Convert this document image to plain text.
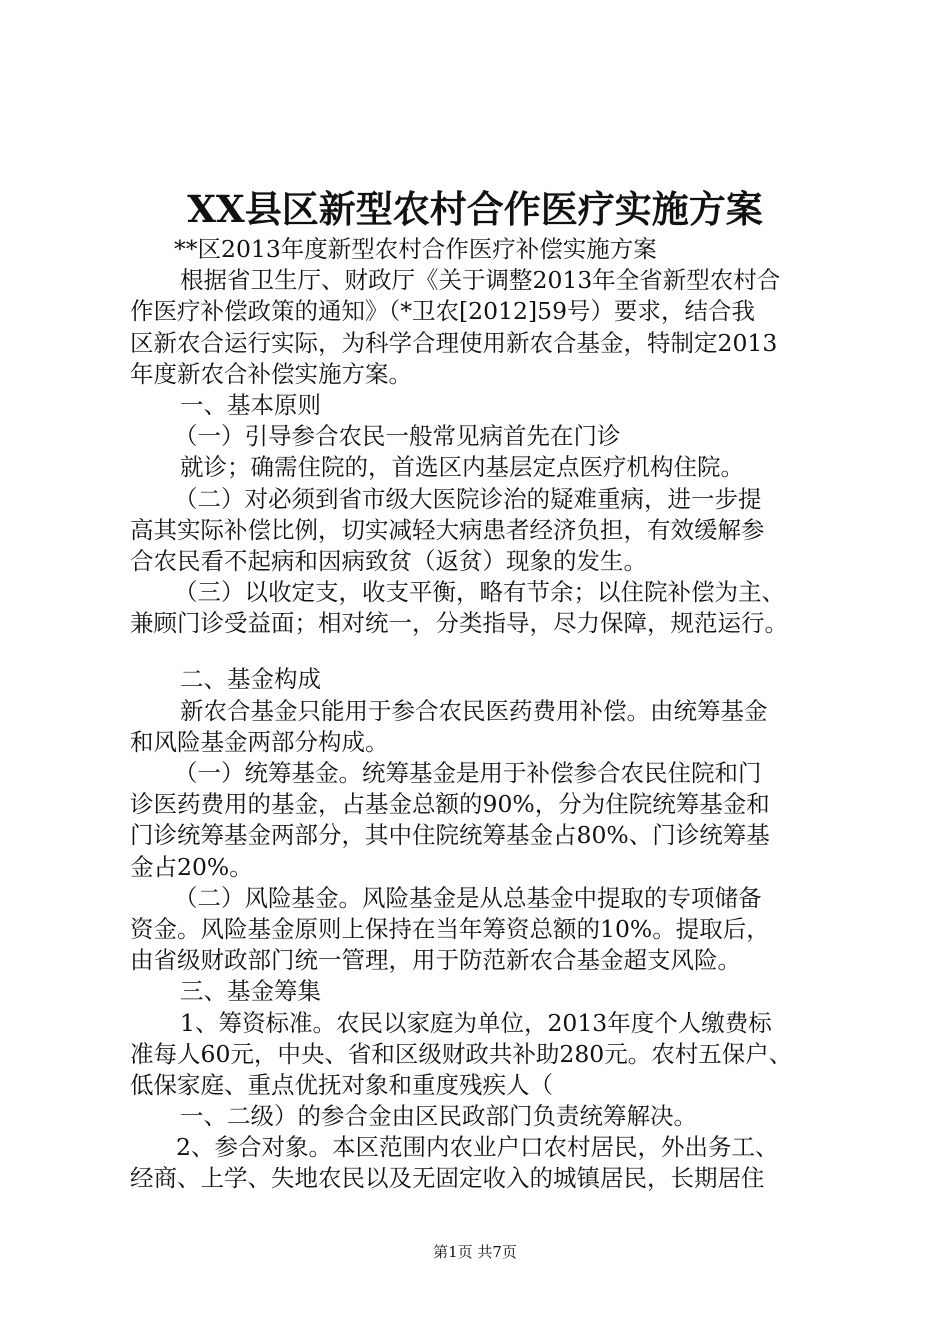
XX县区新型农村合作医疗实施方案
**区2013年度新型农村合作医疗补偿实施方案
根据省卫生厅、财政厅《关于调整2013年全省新型农村合
作医疗补偿政策的通知》（*卫农[2012]59号）要求，结合我
区新农合运行实际，为科学合理使用新农合基金，特制定2013
年度新农合补偿实施方案。
一、基本原则
（一）引导参合农民一般常见病首先在门诊
就诊；确需住院的，首选区内基层定点医疗机构住院。
（二）对必须到省市级大医院诊治的疑难重病，进一步提
高其实际补偿比例，切实减轻大病患者经济负担，有效缓解参
合农民看不起病和因病致贫（返贫）现象的发生。
（三）以收定支，收支平衡，略有节余；以住院补偿为主、
兼顾门诊受益面；相对统一，分类指导，尽力保障，规范运行。
二、基金构成
新农合基金只能用于参合农民医药费用补偿。由统筹基金
和风险基金两部分构成。
（一）统筹基金。统筹基金是用于补偿参合农民住院和门
诊医药费用的基金，占基金总额的90%，分为住院统筹基金和
门诊统筹基金两部分，其中住院统筹基金占80%、门诊统筹基
金占20%。
（二）风险基金。风险基金是从总基金中提取的专项储备
资金。风险基金原则上保持在当年筹资总额的10%。提取后，
由省级财政部门统一管理，用于防范新农合基金超支风险。
三、基金筹集
1、筹资标准。农民以家庭为单位，2013年度个人缴费标
准每人60元，中央、省和区级财政共补助280元。农村五保户、
低保家庭、重点优抚对象和重度残疾人（
一、二级）的参合金由区民政部门负责统筹解决。
2、参合对象。本区范围内农业户口农村居民，外出务工、
经商、上学、失地农民以及无固定收入的城镇居民，长期居住
第1页 共7页
